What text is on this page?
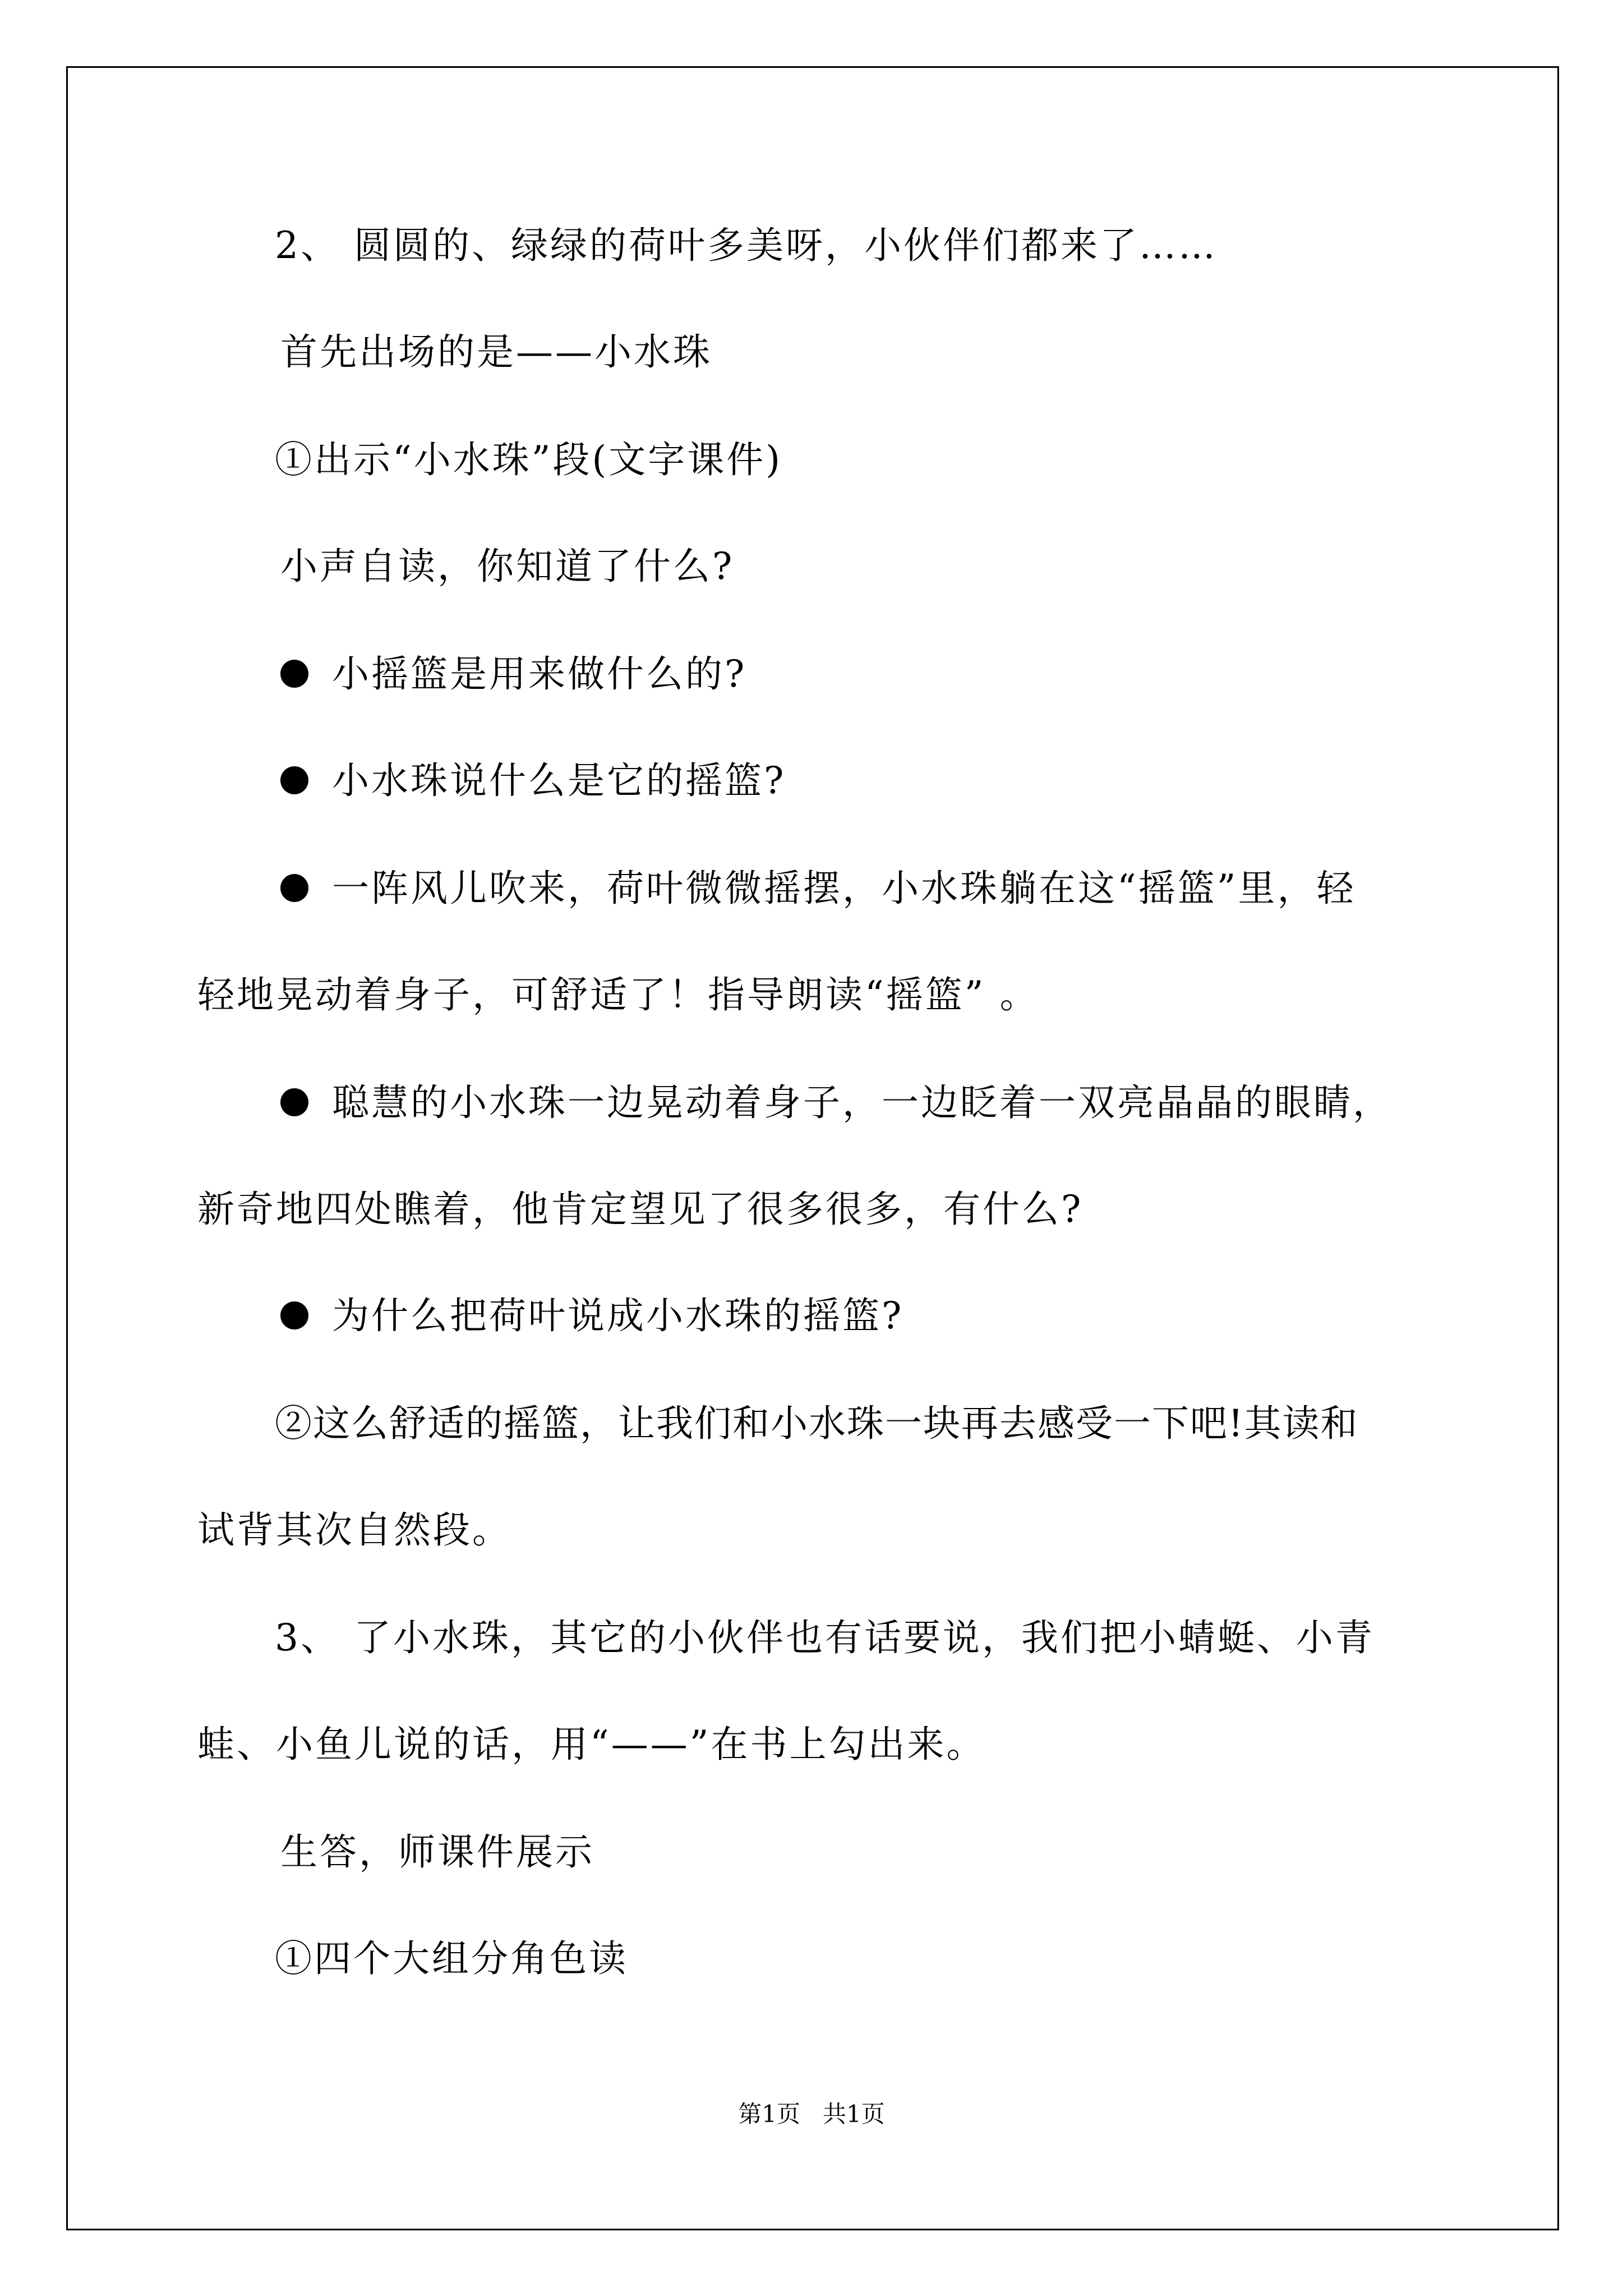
2、 圆圆的、绿绿的荷叶多美呀，小伙伴们都来了……
首先出场的是——小水珠
①出示“小水珠”段(文字课件)
小声自读，你知道了什么?
小摇篮是用来做什么的?
小水珠说什么是它的摇篮?
一阵风儿吹来，荷叶微微摇摆，小水珠躺在这“摇篮”里，轻
轻地晃动着身子，可舒适了！指导朗读“摇篮” 。
聪慧的小水珠一边晃动着身子，一边眨着一双亮晶晶的眼睛，
新奇地四处瞧着，他肯定望见了很多很多，有什么?
为什么把荷叶说成小水珠的摇篮?
②这么舒适的摇篮，让我们和小水珠一块再去感受一下吧!其读和
试背其次自然段。
3、 了小水珠，其它的小伙伴也有话要说，我们把小蜻蜓、小青
蛙、小鱼儿说的话，用“——”在书上勾出来。
生答，师课件展示
①四个大组分角色读
第1页   共1页
